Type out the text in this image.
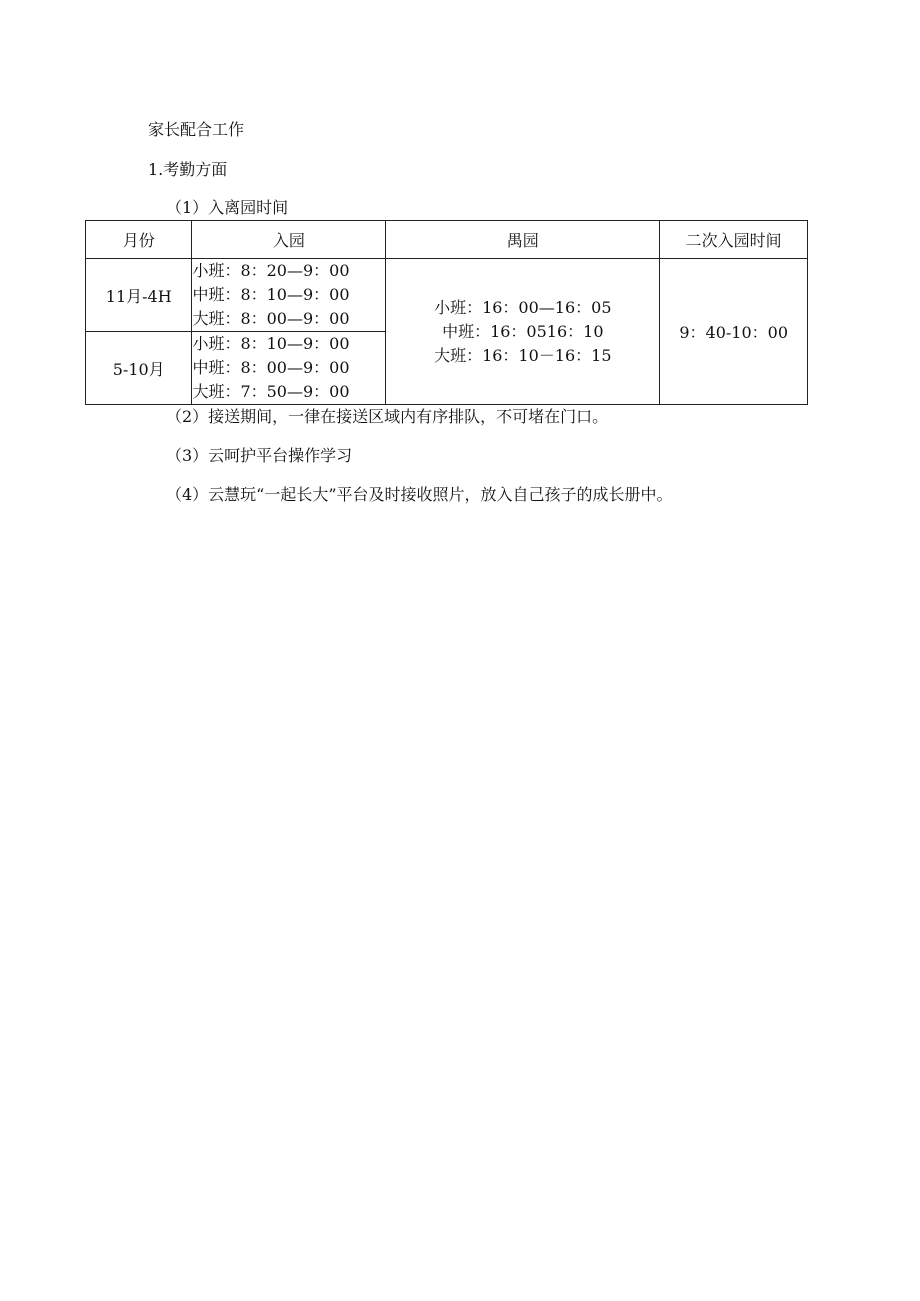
家长配合工作
1.考勤方面
（1）入离园时间
月份	入园	禺园	二次入园时间
11月-4H	小班：8：20—9：00
中班：8：10—9：00
大班：8：00—9：00	小班：16：00—16：05
中班：16：0516：10
大班：16：10－16：15	9：40-10：00
5-10月	小班：8：10—9：00
中班：8：00—9：00
大班：7：50—9：00		
（2）接送期间，一律在接送区域内有序排队，不可堵在门口。
（3）云呵护平台操作学习
（4）云慧玩“一起长大”平台及时接收照片，放入自己孩子的成长册中。
